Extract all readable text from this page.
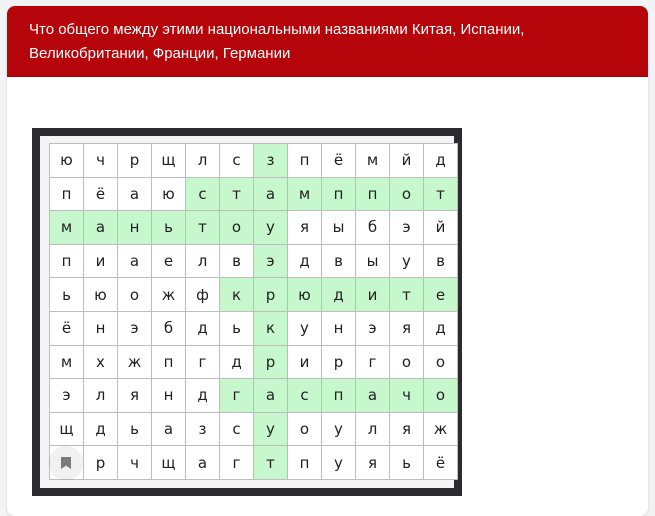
Что общего между этими национальными названиями Китая, Испании, Великобритании, Франции, Германии
ю	ч	р	щ	л	с	з	п	ё	м	й	д
п	ё	а	ю	с	т	а	м	п	п	о	т
м	а	н	ь	т	о	у	я	ы	б	э	й
п	и	а	е	л	в	э	д	в	ы	у	в
ь	ю	о	ж	ф	к	р	ю	д	и	т	е
ё	н	э	б	д	ь	к	у	н	э	я	д
м	х	ж	п	г	д	р	и	р	г	о	о
э	л	я	н	д	г	а	с	п	а	ч	о
щ	д	ь	а	з	с	у	о	у	л	я	ж
	р	ч	щ	а	г	т	п	у	я	ь	ё
